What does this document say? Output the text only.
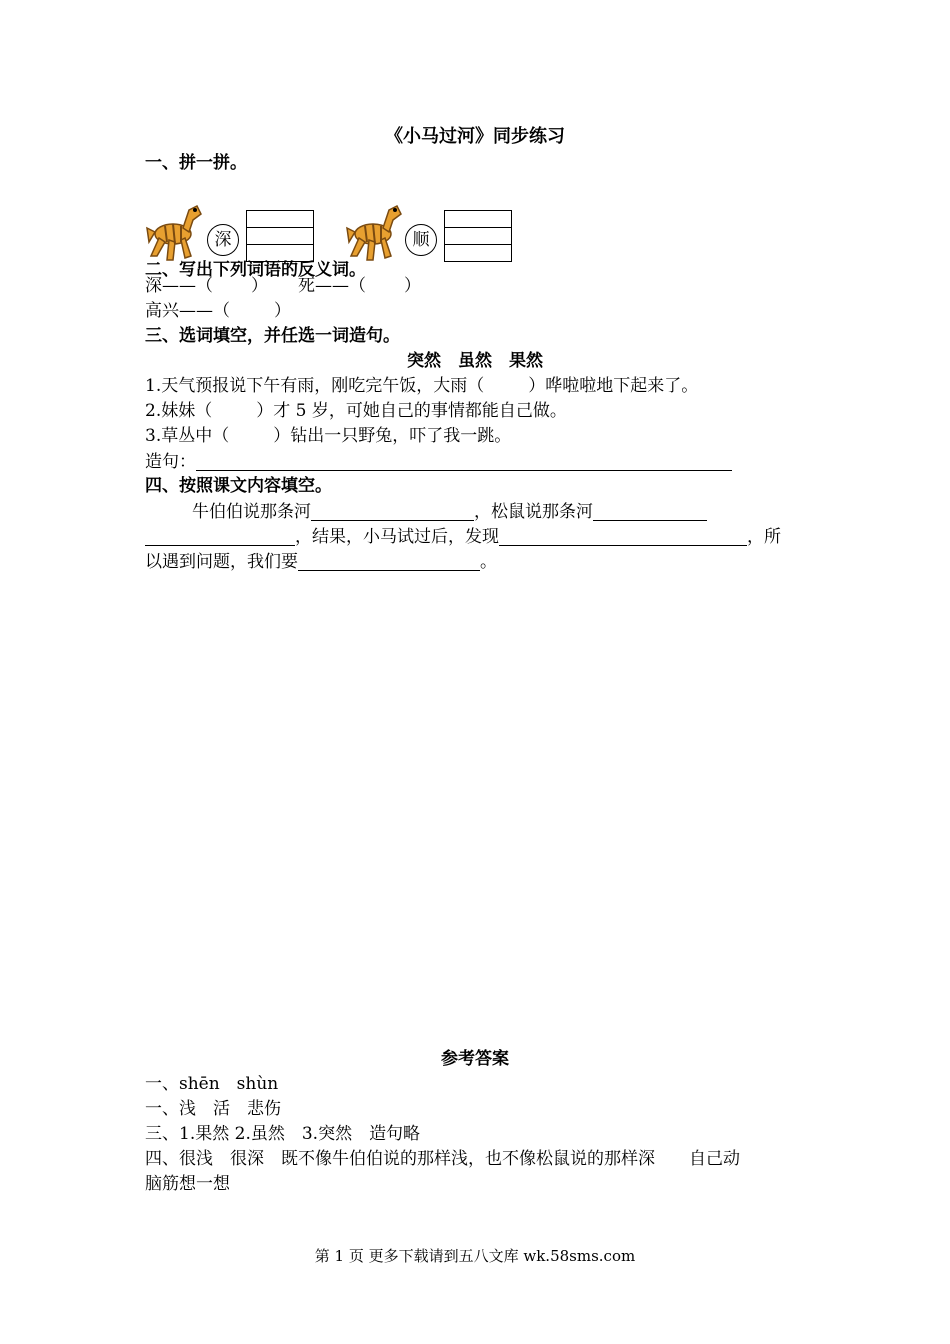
《小马过河》同步练习
一、拼一拼。
深	顺
二、写出下列词语的反义词。
深——（ ） 死——（ ）
高兴——（	）
三、选词填空，并任选一词造句。
突然　虽然　果然
1.天气预报说下午有雨，刚吃完午饭，大雨（	）哗啦啦地下起来了。
2.妹妹（	）才 5 岁，可她自己的事情都能自己做。
3.草丛中（	）钻出一只野兔，吓了我一跳。
造句：
四、按照课文内容填空。
牛伯伯说那条河	，松鼠说那条河
，结果，小马试过后，发现	，所
以遇到问题，我们要	。
参考答案
一、shēn　shùn
一、浅　活　悲伤
三、1.果然 2.虽然　3.突然　造句略
四、很浅　很深　既不像牛伯伯说的那样浅，也不像松鼠说的那样深　　自己动
脑筋想一想
第 1 页 更多下载请到五八文库 wk.58sms.com
